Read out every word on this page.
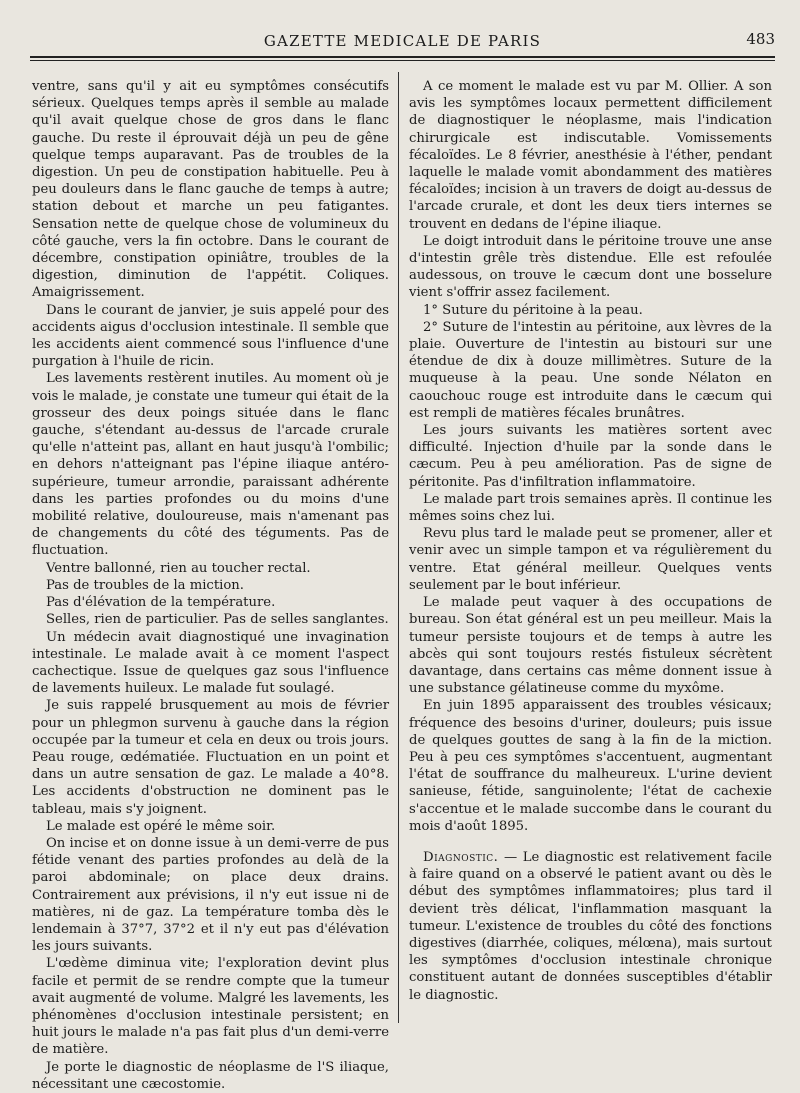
GAZETTE MEDICALE DE PARIS	483

ventre, sans qu'il y ait eu symptômes consécutifs sérieux. Quelques temps après il semble au malade qu'il avait quelque chose de gros dans le flanc gauche. Du reste il éprouvait déjà un peu de gêne quelque temps auparavant. Pas de troubles de la digestion. Un peu de constipation habituelle. Peu à peu douleurs dans le flanc gauche de temps à autre; station debout et marche un peu fatigantes. Sensation nette de quelque chose de volumineux du côté gauche, vers la fin octobre. Dans le courant de décembre, constipation opiniâtre, troubles de la digestion, diminution de l'appétit. Coliques. Amaigrissement.

Dans le courant de janvier, je suis appelé pour des accidents aigus d'occlusion intestinale. Il semble que les accidents aient commencé sous l'influence d'une purgation à l'huile de ricin.

Les lavements restèrent inutiles. Au moment où je vois le malade, je constate une tumeur qui était de la grosseur des deux poings située dans le flanc gauche, s'étendant au-dessus de l'arcade crurale qu'elle n'atteint pas, allant en haut jusqu'à l'ombilic; en dehors n'atteignant pas l'épine iliaque antéro-supérieure, tumeur arrondie, paraissant adhérente dans les parties profondes ou du moins d'une mobilité relative, douloureuse, mais n'amenant pas de changements du côté des téguments. Pas de fluctuation.

Ventre ballonné, rien au toucher rectal.

Pas de troubles de la miction.

Pas d'élévation de la température.

Selles, rien de particulier. Pas de selles sanglantes.

Un médecin avait diagnostiqué une invagination intestinale. Le malade avait à ce moment l'aspect cachectique. Issue de quelques gaz sous l'influence de lavements huileux. Le malade fut soulagé.

Je suis rappelé brusquement au mois de février pour un phlegmon survenu à gauche dans la région occupée par la tumeur et cela en deux ou trois jours. Peau rouge, œdématiée. Fluctuation en un point et dans un autre sensation de gaz. Le malade a 40°8. Les accidents d'obstruction ne dominent pas le tableau, mais s'y joignent.

Le malade est opéré le même soir.

On incise et on donne issue à un demi-verre de pus fétide venant des parties profondes au delà de la paroi abdominale; on place deux drains. Contrairement aux prévisions, il n'y eut issue ni de matières, ni de gaz. La température tomba dès le lendemain à 37°7, 37°2 et il n'y eut pas d'élévation les jours suivants.

L'œdème diminua vite; l'exploration devint plus facile et permit de se rendre compte que la tumeur avait augmenté de volume. Malgré les lavements, les phénomènes d'occlusion intestinale persistent; en huit jours le malade n'a pas fait plus d'un demi-verre de matière.

Je porte le diagnostic de néoplasme de l'S iliaque, nécessitant une cæcostomie.

A ce moment le malade est vu par M. Ollier. A son avis les symptômes locaux permettent difficilement de diagnostiquer le néoplasme, mais l'indication chirurgicale est indiscutable. Vomissements fécaloïdes. Le 8 février, anesthésie à l'éther, pendant laquelle le malade vomit abondamment des matières fécaloïdes; incision à un travers de doigt au-dessus de l'arcade crurale, et dont les deux tiers internes se trouvent en dedans de l'épine iliaque.

Le doigt introduit dans le péritoine trouve une anse d'intestin grêle très distendue. Elle est refoulée audessous, on trouve le cæcum dont une bosselure vient s'offrir assez facilement.

1° Suture du péritoine à la peau.

2° Suture de l'intestin au péritoine, aux lèvres de la plaie. Ouverture de l'intestin au bistouri sur une étendue de dix à douze millimètres. Suture de la muqueuse à la peau. Une sonde Nélaton en caouchouc rouge est introduite dans le cæcum qui est rempli de matières fécales brunâtres.

Les jours suivants les matières sortent avec difficulté. Injection d'huile par la sonde dans le cæcum. Peu à peu amélioration. Pas de signe de péritonite. Pas d'infiltration inflammatoire.

Le malade part trois semaines après. Il continue les mêmes soins chez lui.

Revu plus tard le malade peut se promener, aller et venir avec un simple tampon et va régulièrement du ventre. Etat général meilleur. Quelques vents seulement par le bout inférieur.

Le malade peut vaquer à des occupations de bureau. Son état général est un peu meilleur. Mais la tumeur persiste toujours et de temps à autre les abcès qui sont toujours restés fistuleux sécrètent davantage, dans certains cas même donnent issue à une substance gélatineuse comme du myxôme.

En juin 1895 apparaissent des troubles vésicaux; fréquence des besoins d'uriner, douleurs; puis issue de quelques gouttes de sang à la fin de la miction. Peu à peu ces symptômes s'accentuent, augmentant l'état de souffrance du malheureux. L'urine devient sanieuse, fétide, sanguinolente; l'état de cachexie s'accentue et le malade succombe dans le courant du mois d'août 1895.

Diagnostic. — Le diagnostic est relativement facile à faire quand on a observé le patient avant ou dès le début des symptômes inflammatoires; plus tard il devient très délicat, l'inflammation masquant la tumeur. L'existence de troubles du côté des fonctions digestives (diarrhée, coliques, mélœna), mais surtout les symptômes d'occlusion intestinale chronique constituent autant de données susceptibles d'établir le diagnostic.
